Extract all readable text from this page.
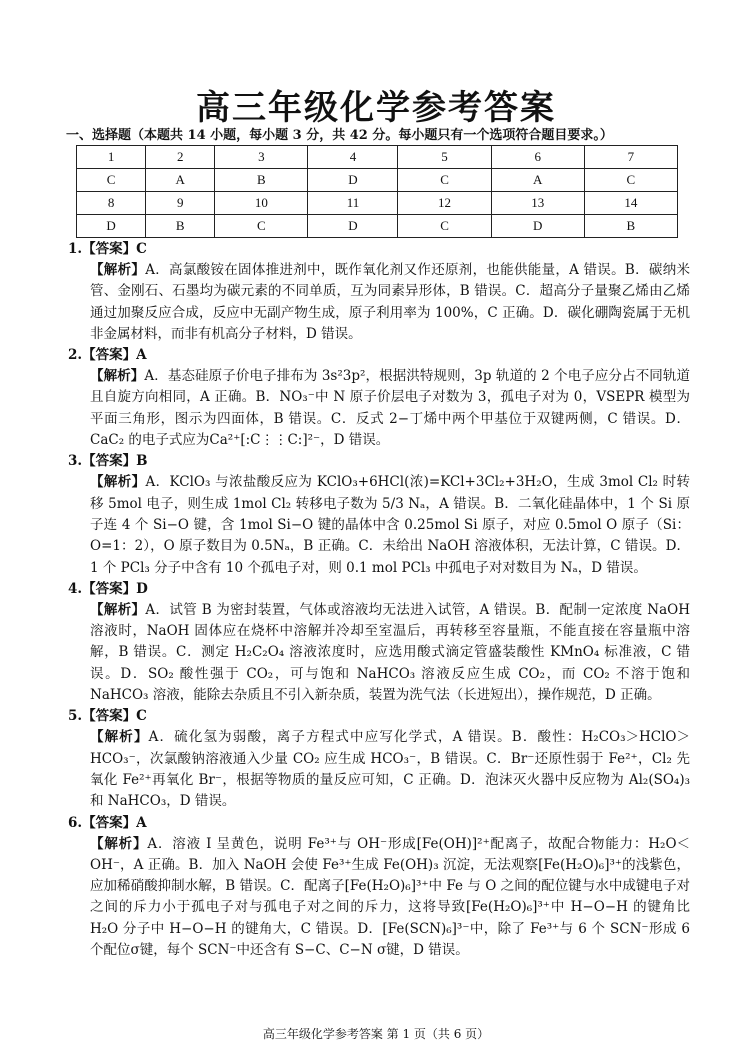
高三年级化学参考答案
一、选择题（本题共 14 小题，每小题 3 分，共 42 分。每小题只有一个选项符合题目要求。）
1	2	3	4	5	6	7
C	A	B	D	C	A	C
8	9	10	11	12	13	14
D	B	C	D	C	D	B
1.【答案】C

【解析】A．高氯酸铵在固体推进剂中，既作氧化剂又作还原剂，也能供能量，A 错误。B．碳纳米管、金刚石、石墨均为碳元素的不同单质，互为同素异形体，B 错误。C．超高分子量聚乙烯由乙烯通过加聚反应合成，反应中无副产物生成，原子利用率为 100%，C 正确。D．碳化硼陶瓷属于无机非金属材料，而非有机高分子材料，D 错误。

2.【答案】A

【解析】A．基态硅原子价电子排布为 3s²3p²，根据洪特规则，3p 轨道的 2 个电子应分占不同轨道且自旋方向相同，A 正确。B．NO₃⁻中 N 原子价层电子对数为 3，孤电子对为 0，VSEPR 模型为平面三角形，图示为四面体，B 错误。C．反式 2−丁烯中两个甲基位于双键两侧，C 错误。D．CaC₂ 的电子式应为Ca²⁺[:C⋮⋮C:]²⁻，D 错误。

3.【答案】B

【解析】A．KClO₃ 与浓盐酸反应为 KClO₃+6HCl(浓)=KCl+3Cl₂+3H₂O，生成 3mol Cl₂ 时转移 5mol 电子，则生成 1mol Cl₂ 转移电子数为 5/3 Nₐ，A 错误。B．二氧化硅晶体中，1 个 Si 原子连 4 个 Si−O 键，含 1mol Si−O 键的晶体中含 0.25mol Si 原子，对应 0.5mol O 原子（Si：O=1：2），O 原子数目为 0.5Nₐ，B 正确。C．未给出 NaOH 溶液体积，无法计算，C 错误。D．1 个 PCl₃ 分子中含有 10 个孤电子对，则 0.1 mol PCl₃ 中孤电子对对数目为 Nₐ，D 错误。

4.【答案】D

【解析】A．试管 B 为密封装置，气体或溶液均无法进入试管，A 错误。B．配制一定浓度 NaOH 溶液时，NaOH 固体应在烧杯中溶解并冷却至室温后，再转移至容量瓶，不能直接在容量瓶中溶解，B 错误。C．测定 H₂C₂O₄ 溶液浓度时，应选用酸式滴定管盛装酸性 KMnO₄ 标准液，C 错误。D．SO₂ 酸性强于 CO₂，可与饱和 NaHCO₃ 溶液反应生成 CO₂，而 CO₂ 不溶于饱和 NaHCO₃ 溶液，能除去杂质且不引入新杂质，装置为洗气法（长进短出），操作规范，D 正确。

5.【答案】C

【解析】A．硫化氢为弱酸，离子方程式中应写化学式，A 错误。B．酸性：H₂CO₃＞HClO＞HCO₃⁻，次氯酸钠溶液通入少量 CO₂ 应生成 HCO₃⁻，B 错误。C．Br⁻还原性弱于 Fe²⁺，Cl₂ 先氧化 Fe²⁺再氧化 Br⁻，根据等物质的量反应可知，C 正确。D．泡沫灭火器中反应物为 Al₂(SO₄)₃ 和 NaHCO₃，D 错误。

6.【答案】A

【解析】A．溶液 I 呈黄色，说明 Fe³⁺与 OH⁻形成[Fe(OH)]²⁺配离子，故配合物能力：H₂O＜OH⁻，A 正确。B．加入 NaOH 会使 Fe³⁺生成 Fe(OH)₃ 沉淀，无法观察[Fe(H₂O)₆]³⁺的浅紫色，应加稀硝酸抑制水解，B 错误。C．配离子[Fe(H₂O)₆]³⁺中 Fe 与 O 之间的配位键与水中成键电子对之间的斥力小于孤电子对与孤电子对之间的斥力，这将导致[Fe(H₂O)₆]³⁺中 H−O−H 的键角比 H₂O 分子中 H−O−H 的键角大，C 错误。D．[Fe(SCN)₆]³⁻中，除了 Fe³⁺与 6 个 SCN⁻形成 6 个配位σ键，每个 SCN⁻中还含有 S−C、C−N σ键，D 错误。

高三年级化学参考答案 第 1 页（共 6 页）
